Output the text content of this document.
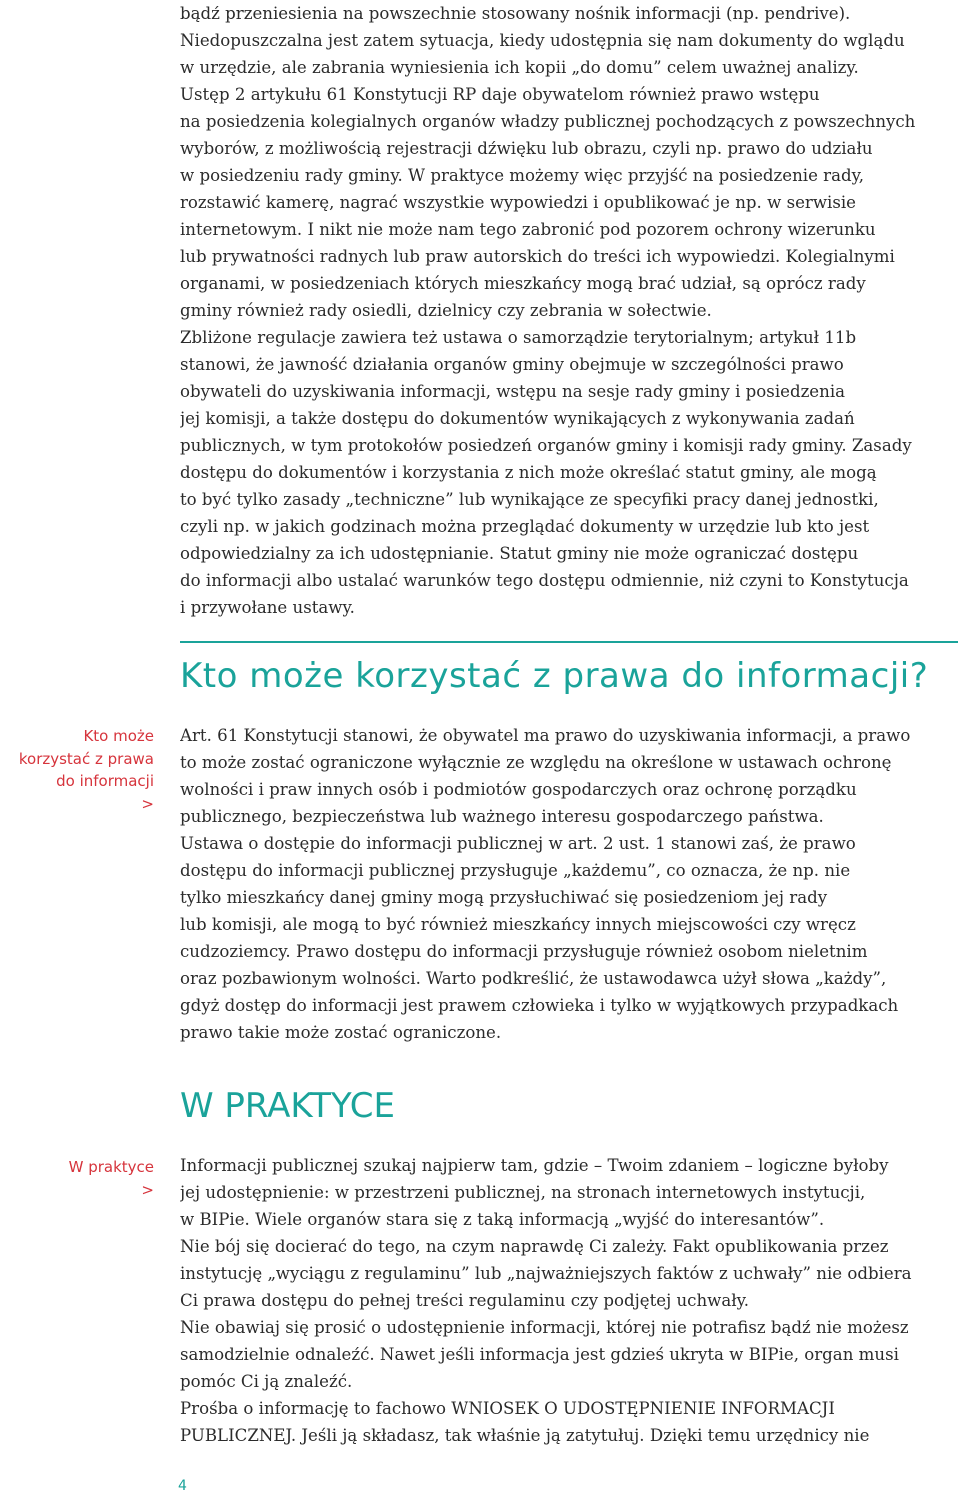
bądź przeniesienia na powszechnie stosowany nośnik informacji (np. pendrive).
Niedopuszczalna jest zatem sytuacja, kiedy udostępnia się nam dokumenty do wglądu
w urzędzie, ale zabrania wyniesienia ich kopii „do domu” celem uważnej analizy.
Ustęp 2 artykułu 61 Konstytucji RP daje obywatelom również prawo wstępu
na posiedzenia kolegialnych organów władzy publicznej pochodzących z powszechnych
wyborów, z możliwością rejestracji dźwięku lub obrazu, czyli np. prawo do udziału
w posiedzeniu rady gminy. W praktyce możemy więc przyjść na posiedzenie rady,
rozstawić kamerę, nagrać wszystkie wypowiedzi i opublikować je np. w serwisie
internetowym. I nikt nie może nam tego zabronić pod pozorem ochrony wizerunku
lub prywatności radnych lub praw autorskich do treści ich wypowiedzi. Kolegialnymi
organami, w posiedzeniach których mieszkańcy mogą brać udział, są oprócz rady
gminy również rady osiedli, dzielnicy czy zebrania w sołectwie.
Zbliżone regulacje zawiera też ustawa o samorządzie terytorialnym; artykuł 11b
stanowi, że jawność działania organów gminy obejmuje w szczególności prawo
obywateli do uzyskiwania informacji, wstępu na sesje rady gminy i posiedzenia
jej komisji, a także dostępu do dokumentów wynikających z wykonywania zadań
publicznych, w tym protokołów posiedzeń organów gminy i komisji rady gminy. Zasady
dostępu do dokumentów i korzystania z nich może określać statut gminy, ale mogą
to być tylko zasady „techniczne” lub wynikające ze specyfiki pracy danej jednostki,
czyli np. w jakich godzinach można przeglądać dokumenty w urzędzie lub kto jest
odpowiedzialny za ich udostępnianie. Statut gminy nie może ograniczać dostępu
do informacji albo ustalać warunków tego dostępu odmiennie, niż czyni to Konstytucja
i przywołane ustawy.
Kto może korzystać z prawa do informacji?
Kto może
korzystać z prawa
do informacji
>
Art. 61 Konstytucji stanowi, że obywatel ma prawo do uzyskiwania informacji, a prawo
to może zostać ograniczone wyłącznie ze względu na określone w ustawach ochronę
wolności i praw innych osób i podmiotów gospodarczych oraz ochronę porządku
publicznego, bezpieczeństwa lub ważnego interesu gospodarczego państwa.
Ustawa o dostępie do informacji publicznej w art. 2 ust. 1 stanowi zaś, że prawo
dostępu do informacji publicznej przysługuje „każdemu”, co oznacza, że np. nie
tylko mieszkańcy danej gminy mogą przysłuchiwać się posiedzeniom jej rady
lub komisji, ale mogą to być również mieszkańcy innych miejscowości czy wręcz
cudzoziemcy. Prawo dostępu do informacji przysługuje również osobom nieletnim
oraz pozbawionym wolności. Warto podkreślić, że ustawodawca użył słowa „każdy”,
gdyż dostęp do informacji jest prawem człowieka i tylko w wyjątkowych przypadkach
prawo takie może zostać ograniczone.
W PRAKTYCE
W praktyce
>
Informacji publicznej szukaj najpierw tam, gdzie – Twoim zdaniem – logiczne byłoby
jej udostępnienie: w przestrzeni publicznej, na stronach internetowych instytucji,
w BIPie. Wiele organów stara się z taką informacją „wyjść do interesantów”.
Nie bój się docierać do tego, na czym naprawdę Ci zależy. Fakt opublikowania przez
instytucję „wyciągu z regulaminu” lub „najważniejszych faktów z uchwały” nie odbiera
Ci prawa dostępu do pełnej treści regulaminu czy podjętej uchwały.
Nie obawiaj się prosić o udostępnienie informacji, której nie potrafisz bądź nie możesz
samodzielnie odnaleźć. Nawet jeśli informacja jest gdzieś ukryta w BIPie, organ musi
pomóc Ci ją znaleźć.
Prośba o informację to fachowo WNIOSEK O UDOSTĘPNIENIE INFORMACJI
PUBLICZNEJ. Jeśli ją składasz, tak właśnie ją zatytułuj. Dzięki temu urzędnicy nie
4
